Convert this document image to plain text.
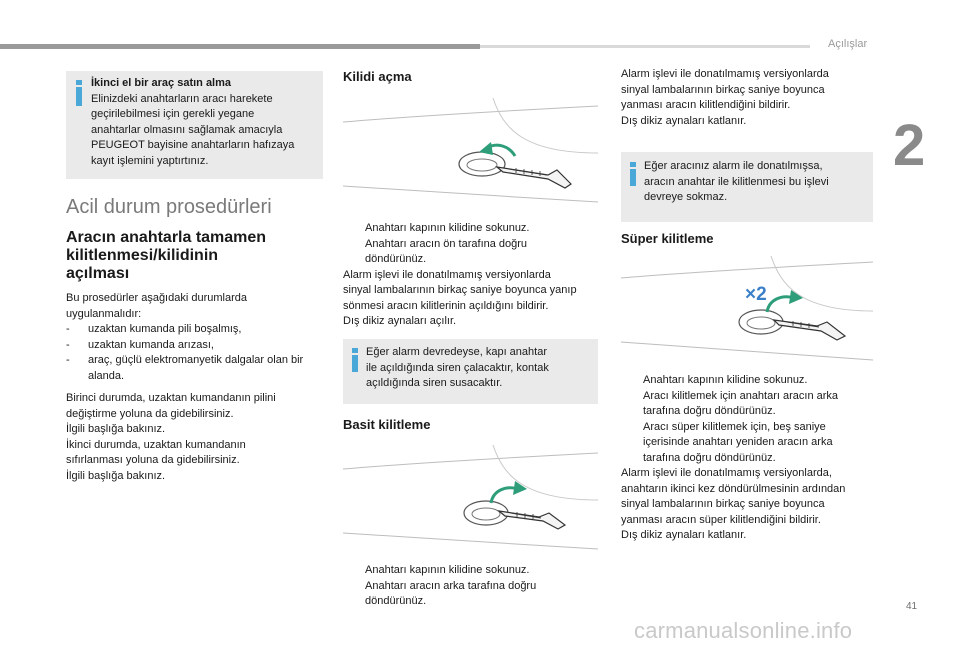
Açılışlar
2
41
carmanualsonline.info

İkinci el bir araç satın alma

Elinizdeki anahtarların aracı harekete

geçirilebilmesi için gerekli yegane

anahtarlar olmasını sağlamak amacıyla

PEUGEOT bayisine anahtarların hafızaya

kayıt işlemini yaptırtınız.

Acil durum prosedürleri
Aracın anahtarla tamamen
kilitlenmesi/kilidinin
açılması

Bu prosedürler aşağıdaki durumlarda

uygulanmalıdır:

- uzaktan kumanda pili boşalmış,

- uzaktan kumanda arızası,

- araç, güçlü elektromanyetik dalgalar olan bir

alanda.

Birinci durumda, uzaktan kumandanın pilini

değiştirme yoluna da gidebilirsiniz.

İlgili başlığa bakınız.

İkinci durumda, uzaktan kumandanın

sıfırlanması yoluna da gidebilirsiniz.

İlgili başlığa bakınız.

Kilidi açma

Anahtarı kapının kilidine sokunuz.

Anahtarı aracın ön tarafına doğru

döndürünüz.

Alarm işlevi ile donatılmamış versiyonlarda

sinyal lambalarının birkaç saniye boyunca yanıp

sönmesi aracın kilitlerinin açıldığını bildirir.

Dış dikiz aynaları açılır.

Eğer alarm devredeyse, kapı anahtar

ile açıldığında siren çalacaktır, kontak

açıldığında siren susacaktır.

Basit kilitleme

Anahtarı kapının kilidine sokunuz.

Anahtarı aracın arka tarafına doğru

döndürünüz.

Alarm işlevi ile donatılmamış versiyonlarda

sinyal lambalarının birkaç saniye boyunca

yanması aracın kilitlendiğini bildirir.

Dış dikiz aynaları katlanır.

Eğer aracınız alarm ile donatılmışsa,

aracın anahtar ile kilitlenmesi bu işlevi

devreye sokmaz.

Süper kilitleme
×2

Anahtarı kapının kilidine sokunuz.

Aracı kilitlemek için anahtarı aracın arka

tarafına doğru döndürünüz.

Aracı süper kilitlemek için, beş saniye

içerisinde anahtarı yeniden aracın arka

tarafına doğru döndürünüz.

Alarm işlevi ile donatılmamış versiyonlarda,

anahtarın ikinci kez döndürülmesinin ardından

sinyal lambalarının birkaç saniye boyunca

yanması aracın süper kilitlendiğini bildirir.

Dış dikiz aynaları katlanır.
